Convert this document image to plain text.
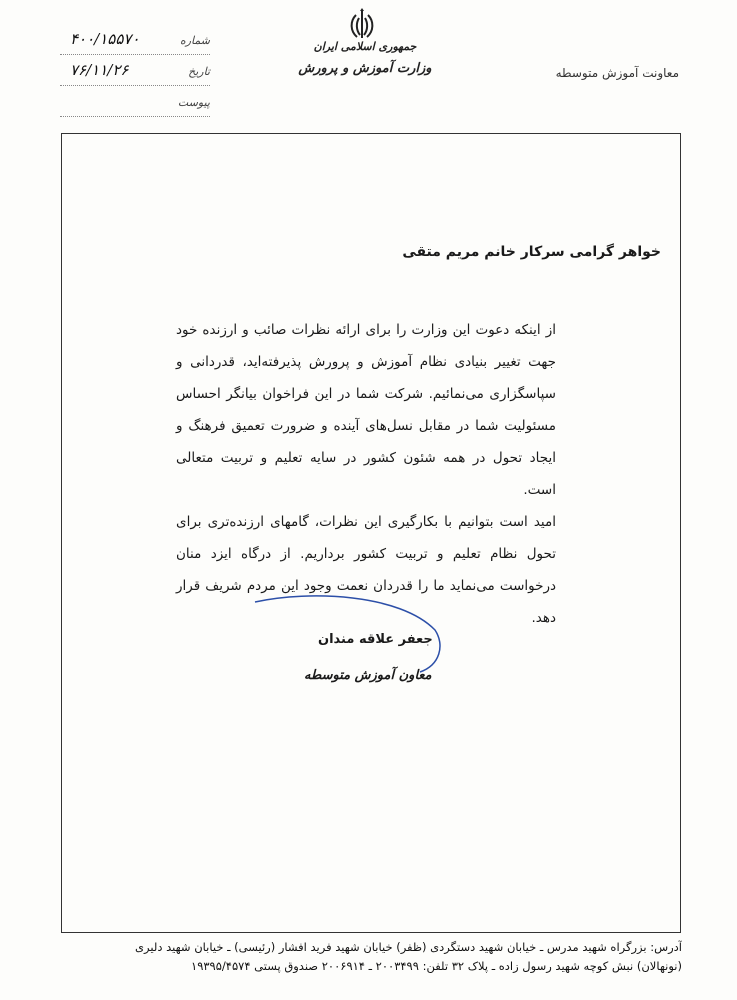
جمهوری اسلامی ایران
وزارت آموزش و پرورش	معاونت آموزش متوسطه
شماره
۴۰۰/۱۵۵۷۰
تاریخ
۷۶/۱۱/۲۶
پیوست
خواهر گرامی سرکار خانم مریم متقی

از اینکه دعوت این وزارت را برای ارائه نظرات صائب و ارزنده خود جهت تغییر بنیادی نظام آموزش و پرورش پذیرفته‌اید، قدردانی و سپاسگزاری می‌نمائیم. شرکت شما در این فراخوان بیانگر احساس مسئولیت شما در مقابل نسل‌های آینده و ضرورت تعمیق فرهنگ و ایجاد تحول در همه شئون کشور در سایه تعلیم و تربیت متعالی است.

امید است بتوانیم با بکارگیری این نظرات، گامهای ارزنده‌تری برای تحول نظام تعلیم و تربیت کشور برداریم. از درگاه ایزد منان درخواست می‌نماید ما را قدردان نعمت وجود این مردم شریف قرار دهد.

جعفر علاقه مندان
معاون آموزش متوسطه
آدرس: بزرگراه شهید مدرس ـ خیابان شهید دستگردی (ظفر) خیابان شهید فرید افشار (رئیسی) ـ خیابان شهید دلیری
(نونهالان) نبش کوچه شهید رسول زاده ـ پلاک ۳۲ تلفن: ۲۰۰۳۴۹۹ ـ ۲۰۰۶۹۱۴ صندوق پستی ۱۹۳۹۵/۴۵۷۴
